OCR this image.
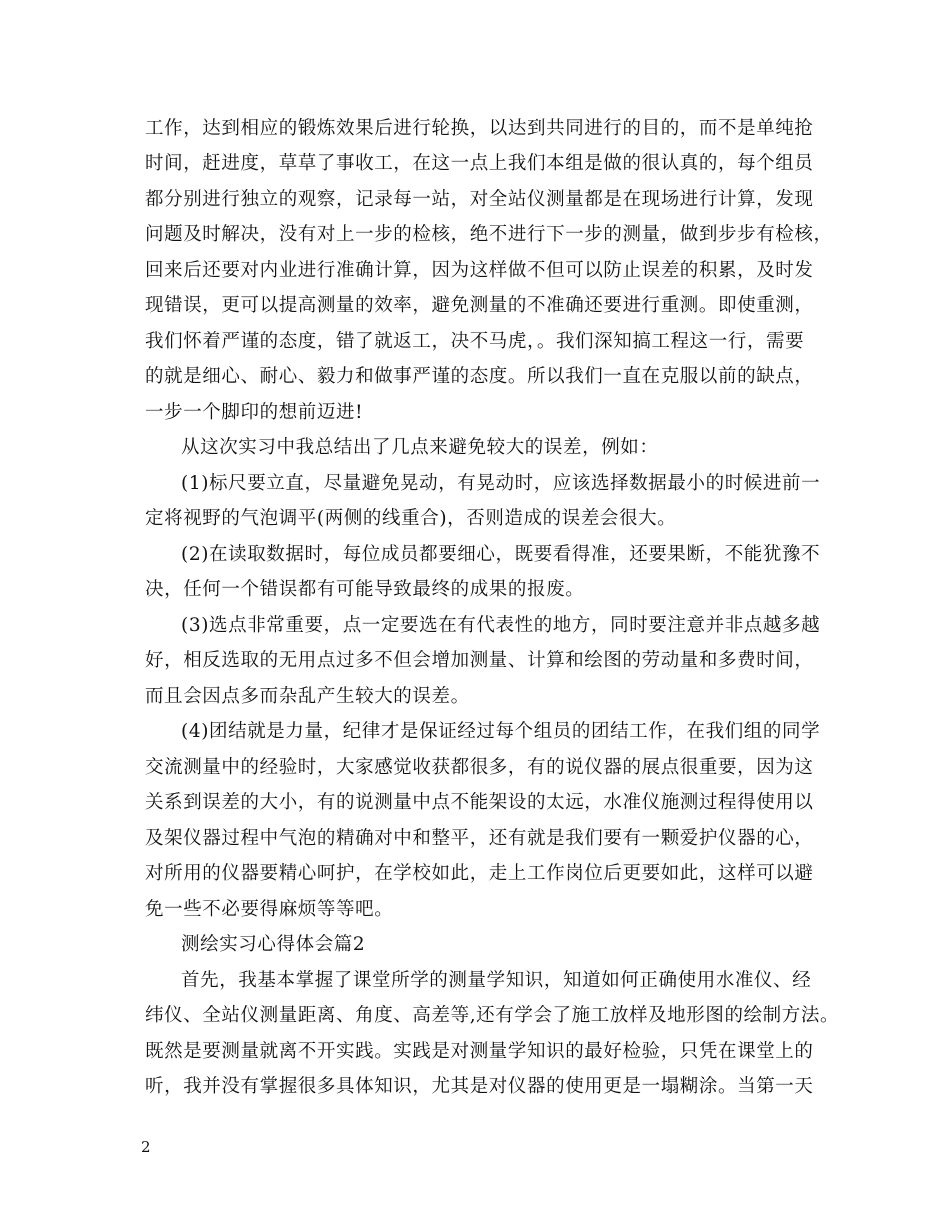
工作，达到相应的锻炼效果后进行轮换，以达到共同进行的目的，而不是单纯抢
时间，赶进度，草草了事收工，在这一点上我们本组是做的很认真的，每个组员
都分别进行独立的观察，记录每一站，对全站仪测量都是在现场进行计算，发现
问题及时解决，没有对上一步的检核，绝不进行下一步的测量，做到步步有检核，
回来后还要对内业进行准确计算，因为这样做不但可以防止误差的积累，及时发
现错误，更可以提高测量的效率，避免测量的不准确还要进行重测。即使重测，
我们怀着严谨的态度，错了就返工，决不马虎，。我们深知搞工程这一行，需要
的就是细心、耐心、毅力和做事严谨的态度。所以我们一直在克服以前的缺点，
一步一个脚印的想前迈进!
从这次实习中我总结出了几点来避免较大的误差，例如：
(1)标尺要立直，尽量避免晃动，有晃动时，应该选择数据最小的时候进前一
定将视野的气泡调平(两侧的线重合)，否则造成的误差会很大。
(2)在读取数据时，每位成员都要细心，既要看得准，还要果断，不能犹豫不
决，任何一个错误都有可能导致最终的成果的报废。
(3)选点非常重要，点一定要选在有代表性的地方，同时要注意并非点越多越
好，相反选取的无用点过多不但会增加测量、计算和绘图的劳动量和多费时间，
而且会因点多而杂乱产生较大的误差。
(4)团结就是力量，纪律才是保证经过每个组员的团结工作，在我们组的同学
交流测量中的经验时，大家感觉收获都很多，有的说仪器的展点很重要，因为这
关系到误差的大小，有的说测量中点不能架设的太远，水准仪施测过程得使用以
及架仪器过程中气泡的精确对中和整平，还有就是我们要有一颗爱护仪器的心，
对所用的仪器要精心呵护，在学校如此，走上工作岗位后更要如此，这样可以避
免一些不必要得麻烦等等吧。
测绘实习心得体会篇2
首先，我基本掌握了课堂所学的测量学知识，知道如何正确使用水准仪、经
纬仪、全站仪测量距离、角度、高差等,还有学会了施工放样及地形图的绘制方法。
既然是要测量就离不开实践。实践是对测量学知识的最好检验，只凭在课堂上的
听，我并没有掌握很多具体知识，尤其是对仪器的使用更是一塌糊涂。当第一天
2
